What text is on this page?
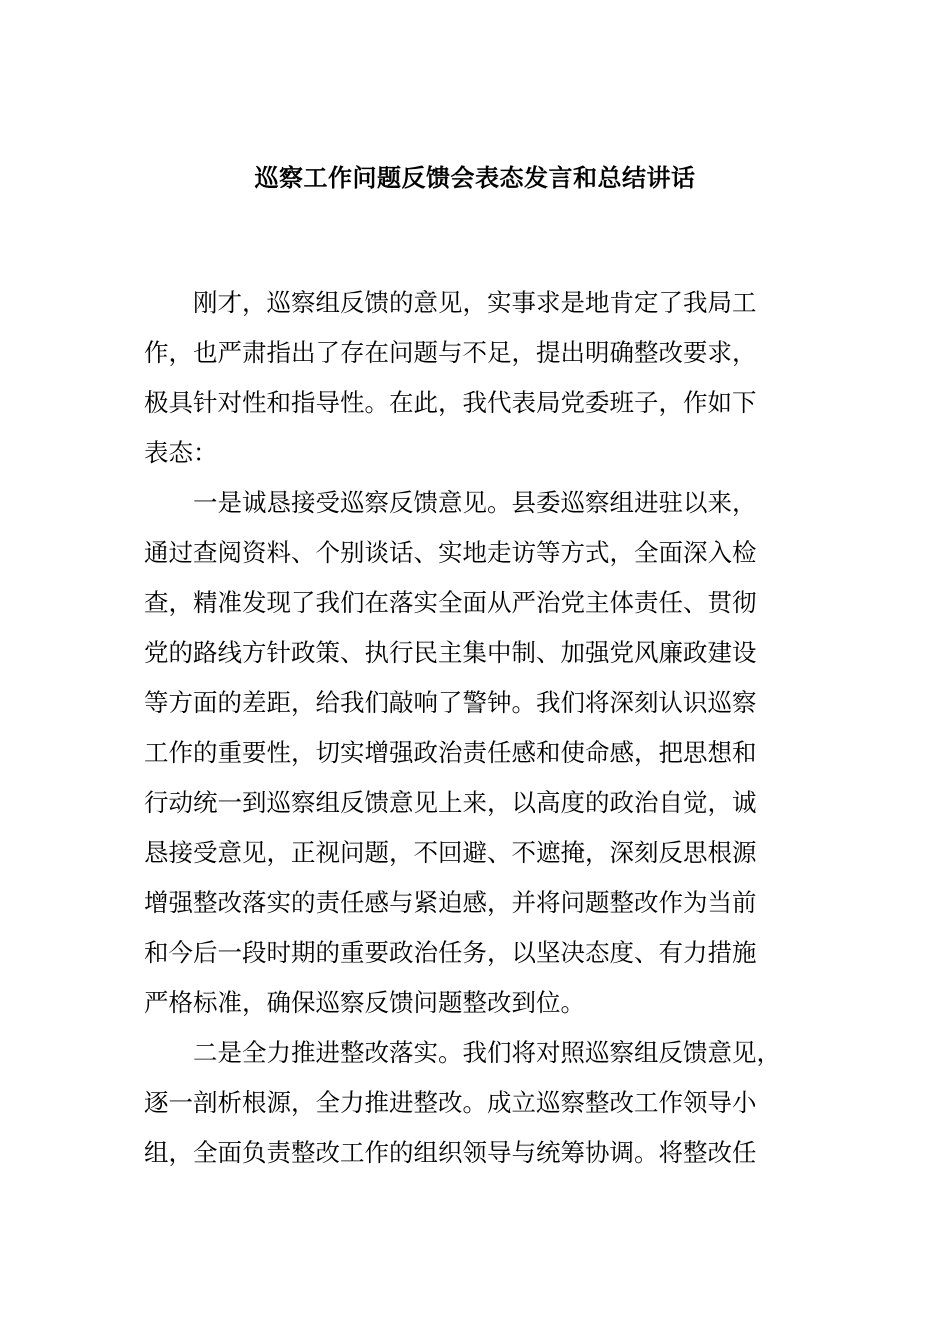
巡察工作问题反馈会表态发言和总结讲话

刚才，巡察组反馈的意见，实事求是地肯定了我局工
作，也严肃指出了存在问题与不足，提出明确整改要求，
极具针对性和指导性。在此，我代表局党委班子，作如下
表态：

一是诚恳接受巡察反馈意见。县委巡察组进驻以来，
通过查阅资料、个别谈话、实地走访等方式，全面深入检
查，精准发现了我们在落实全面从严治党主体责任、贯彻
党的路线方针政策、执行民主集中制、加强党风廉政建设
等方面的差距，给我们敲响了警钟。我们将深刻认识巡察
工作的重要性，切实增强政治责任感和使命感，把思想和
行动统一到巡察组反馈意见上来，以高度的政治自觉，诚
恳接受意见，正视问题，不回避、不遮掩，深刻反思根源
增强整改落实的责任感与紧迫感，并将问题整改作为当前
和今后一段时期的重要政治任务，以坚决态度、有力措施
严格标准，确保巡察反馈问题整改到位。

二是全力推进整改落实。我们将对照巡察组反馈意见，
逐一剖析根源，全力推进整改。成立巡察整改工作领导小
组，全面负责整改工作的组织领导与统筹协调。将整改任
